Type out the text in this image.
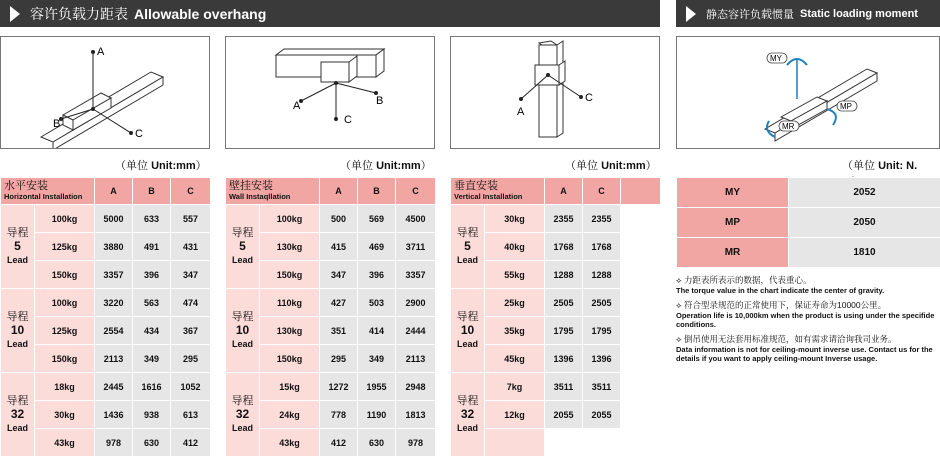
容许负载力距表 Allowable overhang	静态容许负载惯量 Static loading moment
A
C
B
A
C
B
A
C
MY
MP
MR
（单位 Unit:mm）	（单位 Unit:mm）	（单位 Unit:mm）	（单位 Unit: N.
水平安装
Horizontal Installation		A	B	C

导程
5
Lead	100kg	5000	633	557
	125kg	3880	491	431
	150kg	3357	396	347

导程
10
Lead	100kg	3220	563	474
	125kg	2554	434	367
	150kg	2113	349	295

导程
32
Lead	18kg	2445	1616	1052
	30kg	1436	938	613
	43kg	978	630	412
壁挂安装
Wall Instaqllation		A	B	C

导程
5
Lead	100kg	500	569	4500
	130kg	415	469	3711
	150kg	347	396	3357

导程
10
Lead	110kg	427	503	2900
	130kg	351	414	2444
	150kg	295	349	2113

导程
32
Lead	15kg	1272	1955	2948
	24kg	778	1190	1813
	43kg	412	630	978
垂直安装
Vertical Installation		A	C	

导程
5
Lead	30kg	2355	2355	
	40kg	1768	1768	
	55kg	1288	1288	

导程
10
Lead	25kg	2505	2505	
	35kg	1795	1795	
	45kg	1396	1396	

导程
32
Lead	7kg	3511	3511	
	12kg	2055	2055	

MY	2052
MP	2050
MR	1810
⟡ 力距表所表示的数据，代表重心。
The torque value in the chart indicate the center of gravity.
⟡ 符合型录规范的正常使用下，保证寿命为10000公里。
Operation life is 10,000km when the product is using under the specifide conditions.
⟡ 倒吊使用无法套用标准规范，如有需求请洽询我司业务。
Data information is not for ceiling-mount inverse use. Contact us for the details if you want to apply ceiling-mount Inverse usage.
